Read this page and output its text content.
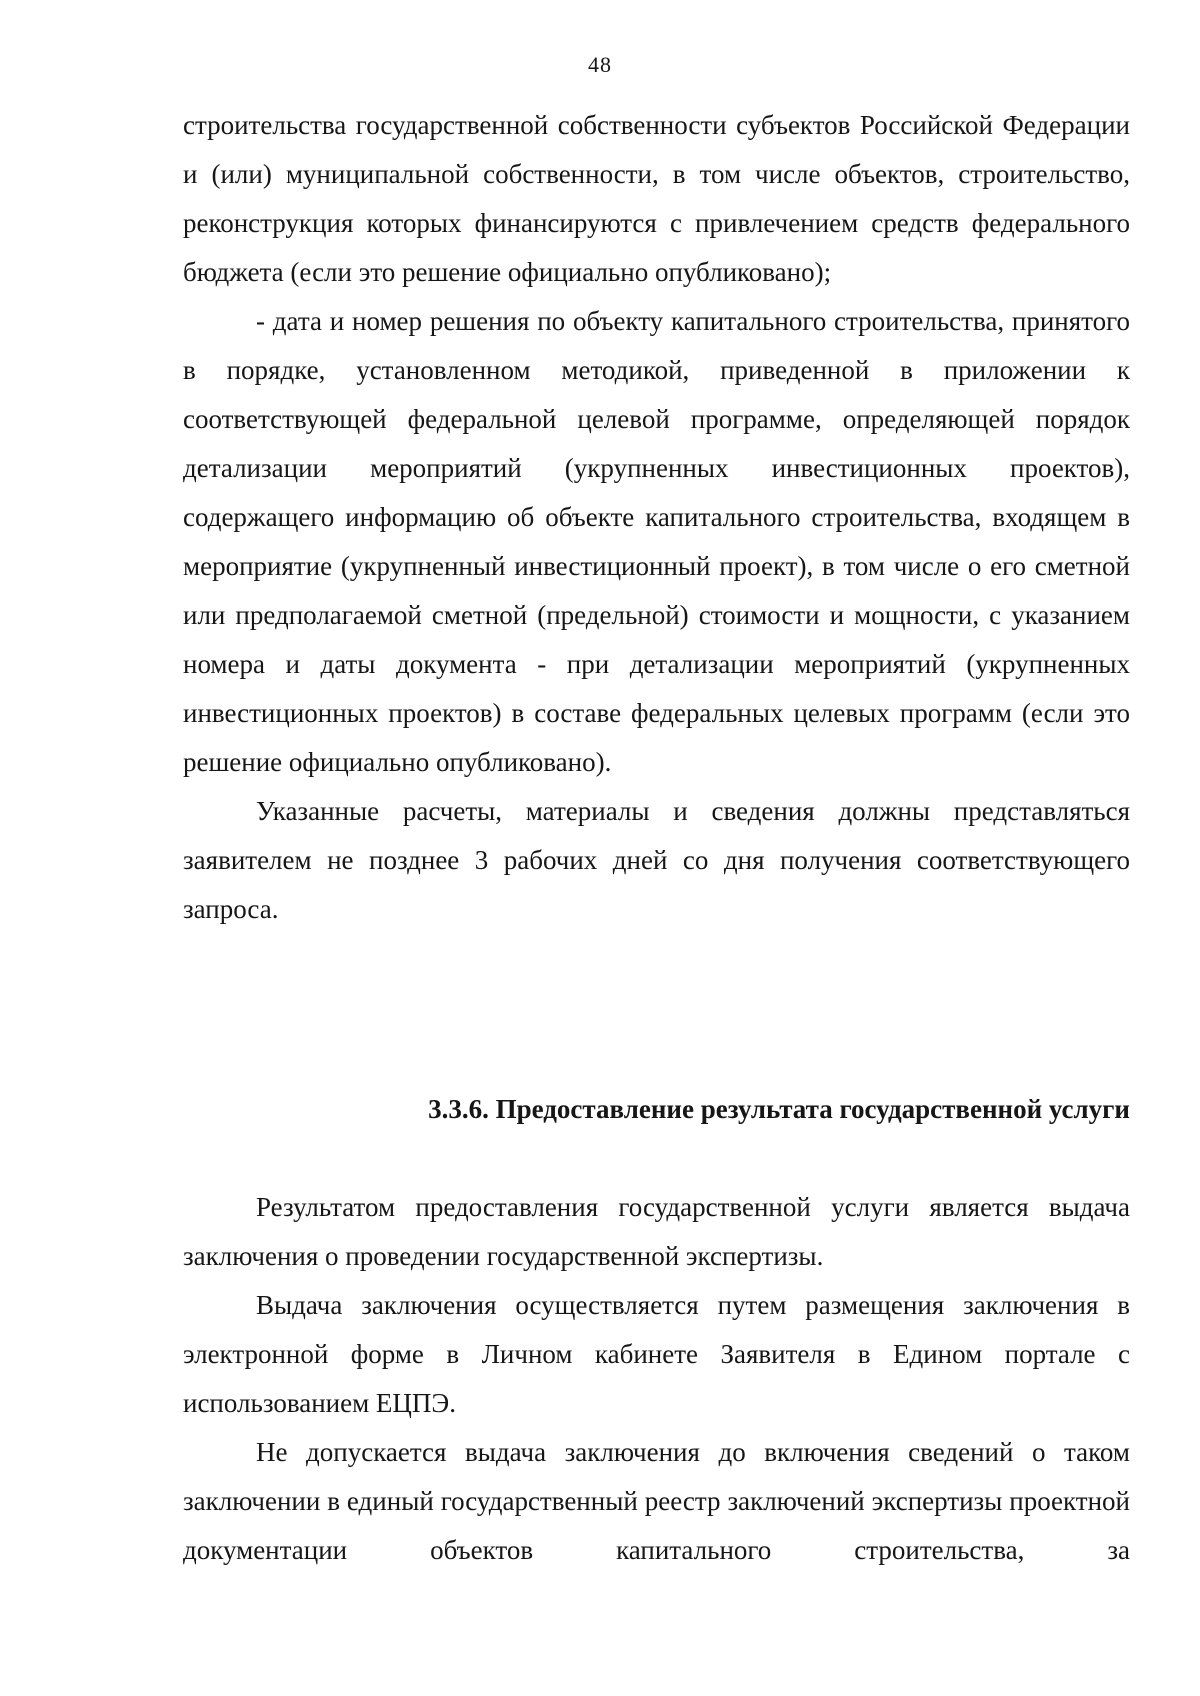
48

строительства государственной собственности субъектов Российской Федерации и (или) муниципальной собственности, в том числе объектов, строительство, реконструкция которых финансируются с привлечением средств федерального бюджета (если это решение официально опубликовано);

- дата и номер решения по объекту капитального строительства, принятого в порядке, установленном методикой, приведенной в приложении к соответствующей федеральной целевой программе, определяющей порядок детализации мероприятий (укрупненных инвестиционных проектов), содержащего информацию об объекте капитального строительства, входящем в мероприятие (укрупненный инвестиционный проект), в том числе о его сметной или предполагаемой сметной (предельной) стоимости и мощности, с указанием номера и даты документа - при детализации мероприятий (укрупненных инвестиционных проектов) в составе федеральных целевых программ (если это решение официально опубликовано).

Указанные расчеты, материалы и сведения должны представляться заявителем не позднее 3 рабочих дней со дня получения соответствующего запроса.

3.3.6. Предоставление результата государственной услуги

Результатом предоставления государственной услуги является выдача заключения о проведении государственной экспертизы.

Выдача заключения осуществляется путем размещения заключения в электронной форме в Личном кабинете Заявителя в Едином портале с использованием ЕЦПЭ.

Не допускается выдача заключения до включения сведений о таком заключении в единый государственный реестр заключений экспертизы проектной документации объектов капитального строительства, за
